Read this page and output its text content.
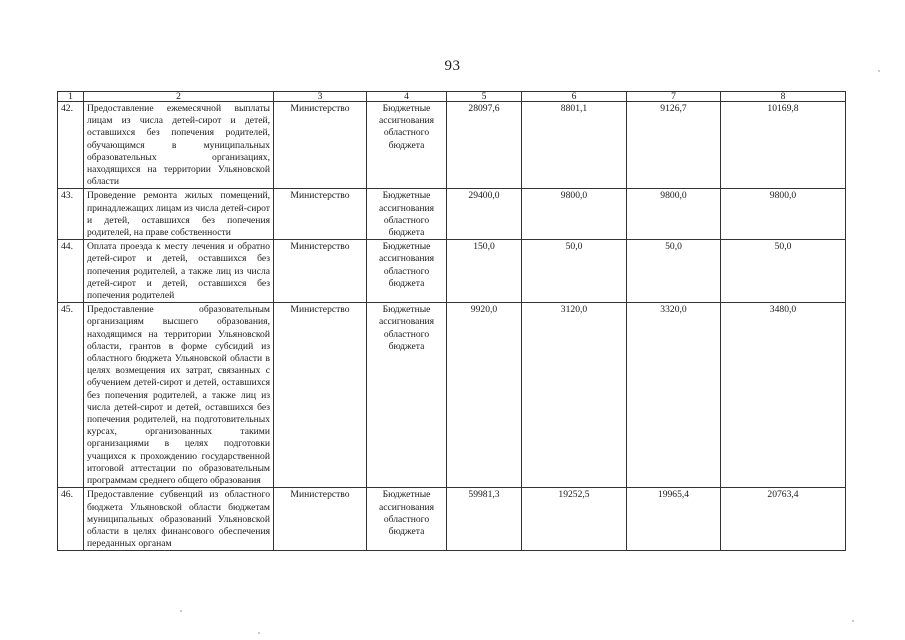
93
1	2	3	4	5	6	7	8
42.	Предоставление ежемесячной выплаты лицам из числа детей-сирот и детей, оставшихся без попечения родителей, обучающимся в муниципальных образовательных организациях, находящихся на территории Ульяновской области	Министерство	Бюджетные ассигнования областного бюджета	28097,6	8801,1	9126,7	10169,8
43.	Проведение ремонта жилых помещений, принадлежащих лицам из числа детей-сирот и детей, оставшихся без попечения родителей, на праве собственности	Министерство	Бюджетные ассигнования областного бюджета	29400,0	9800,0	9800,0	9800,0
44.	Оплата проезда к месту лечения и обратно детей-сирот и детей, оставшихся без попечения родителей, а также лиц из числа детей-сирот и детей, оставшихся без попечения родителей	Министерство	Бюджетные ассигнования областного бюджета	150,0	50,0	50,0	50,0
45.	Предоставление образовательным организациям высшего образования, находящимся на территории Ульяновской области, грантов в форме субсидий из областного бюджета Ульяновской области в целях возмещения их затрат, связанных с обучением детей-сирот и детей, оставшихся без попечения родителей, а также лиц из числа детей-сирот и детей, оставшихся без попечения родителей, на подготовительных курсах, организованных такими организациями в целях подготовки учащихся к прохождению государственной итоговой аттестации по образовательным программам среднего общего образования	Министерство	Бюджетные ассигнования областного бюджета	9920,0	3120,0	3320,0	3480,0
46.	Предоставление субвенций из областного бюджета Ульяновской области бюджетам муниципальных образований Ульяновской области в целях финансового обеспечения переданных органам	Министерство	Бюджетные ассигнования областного бюджета	59981,3	19252,5	19965,4	20763,4
